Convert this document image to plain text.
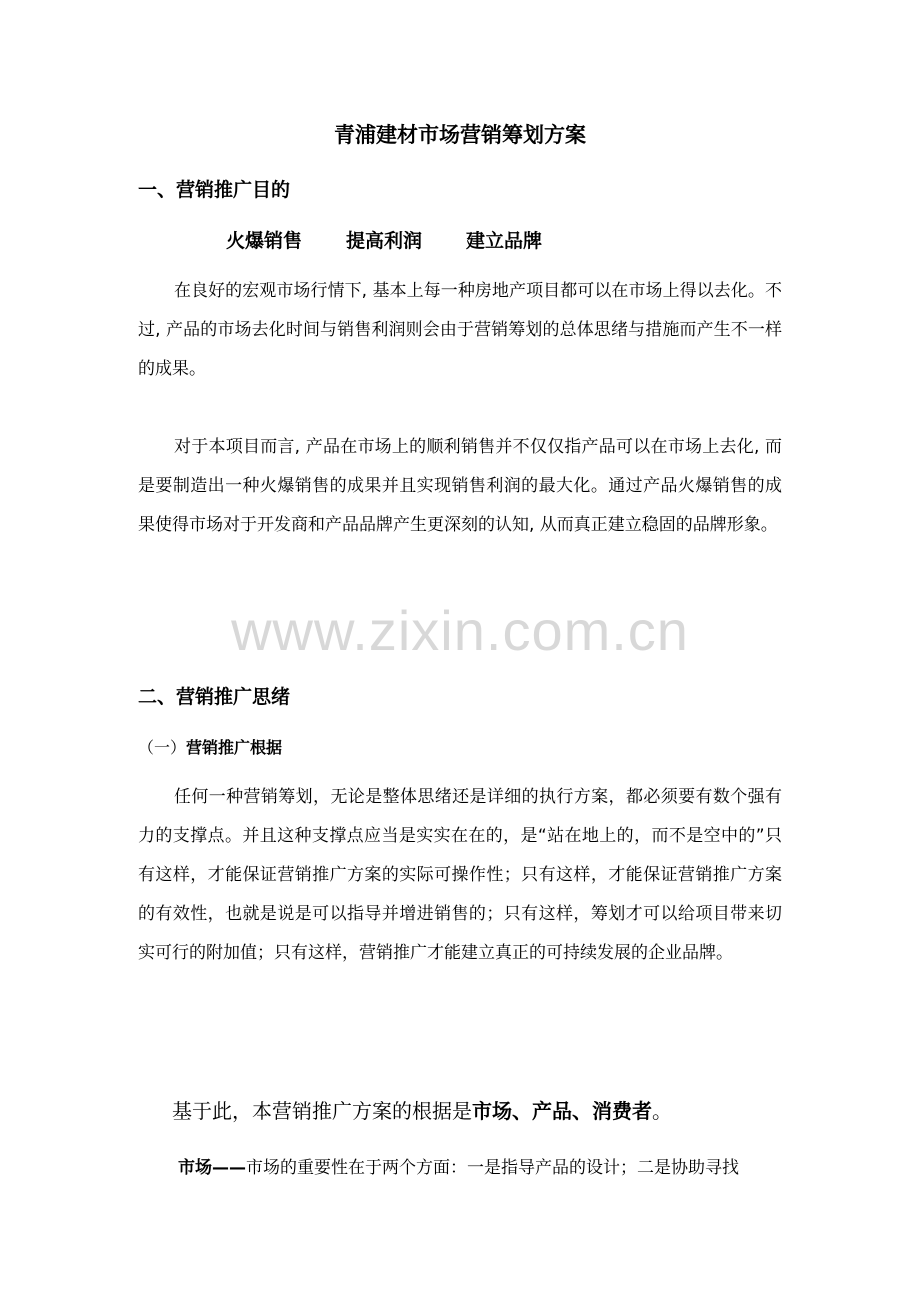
青浦建材市场营销筹划方案
一、营销推广目的
火爆销售 提高利润 建立品牌

在良好的宏观市场行情下, 基本上每一种房地产项目都可以在市场上得以去化。不过, 产品的市场去化时间与销售利润则会由于营销筹划的总体思绪与措施而产生不一样的成果。

对于本项目而言, 产品在市场上的顺利销售并不仅仅指产品可以在市场上去化, 而是要制造出一种火爆销售的成果并且实现销售利润的最大化。通过产品火爆销售的成果使得市场对于开发商和产品品牌产生更深刻的认知, 从而真正建立稳固的品牌形象。

www.zixin.com.cn
二、营销推广思绪
（一）营销推广根据

任何一种营销筹划，无论是整体思绪还是详细的执行方案，都必须要有数个强有力的支撑点。并且这种支撑点应当是实实在在的，是“站在地上的，而不是空中的”只有这样，才能保证营销推广方案的实际可操作性；只有这样，才能保证营销推广方案的有效性，也就是说是可以指导并增进销售的；只有这样，筹划才可以给项目带来切实可行的附加值；只有这样，营销推广才能建立真正的可持续发展的企业品牌。

基于此，本营销推广方案的根据是市场、产品、消费者。
市场——市场的重要性在于两个方面：一是指导产品的设计；二是协助寻找
